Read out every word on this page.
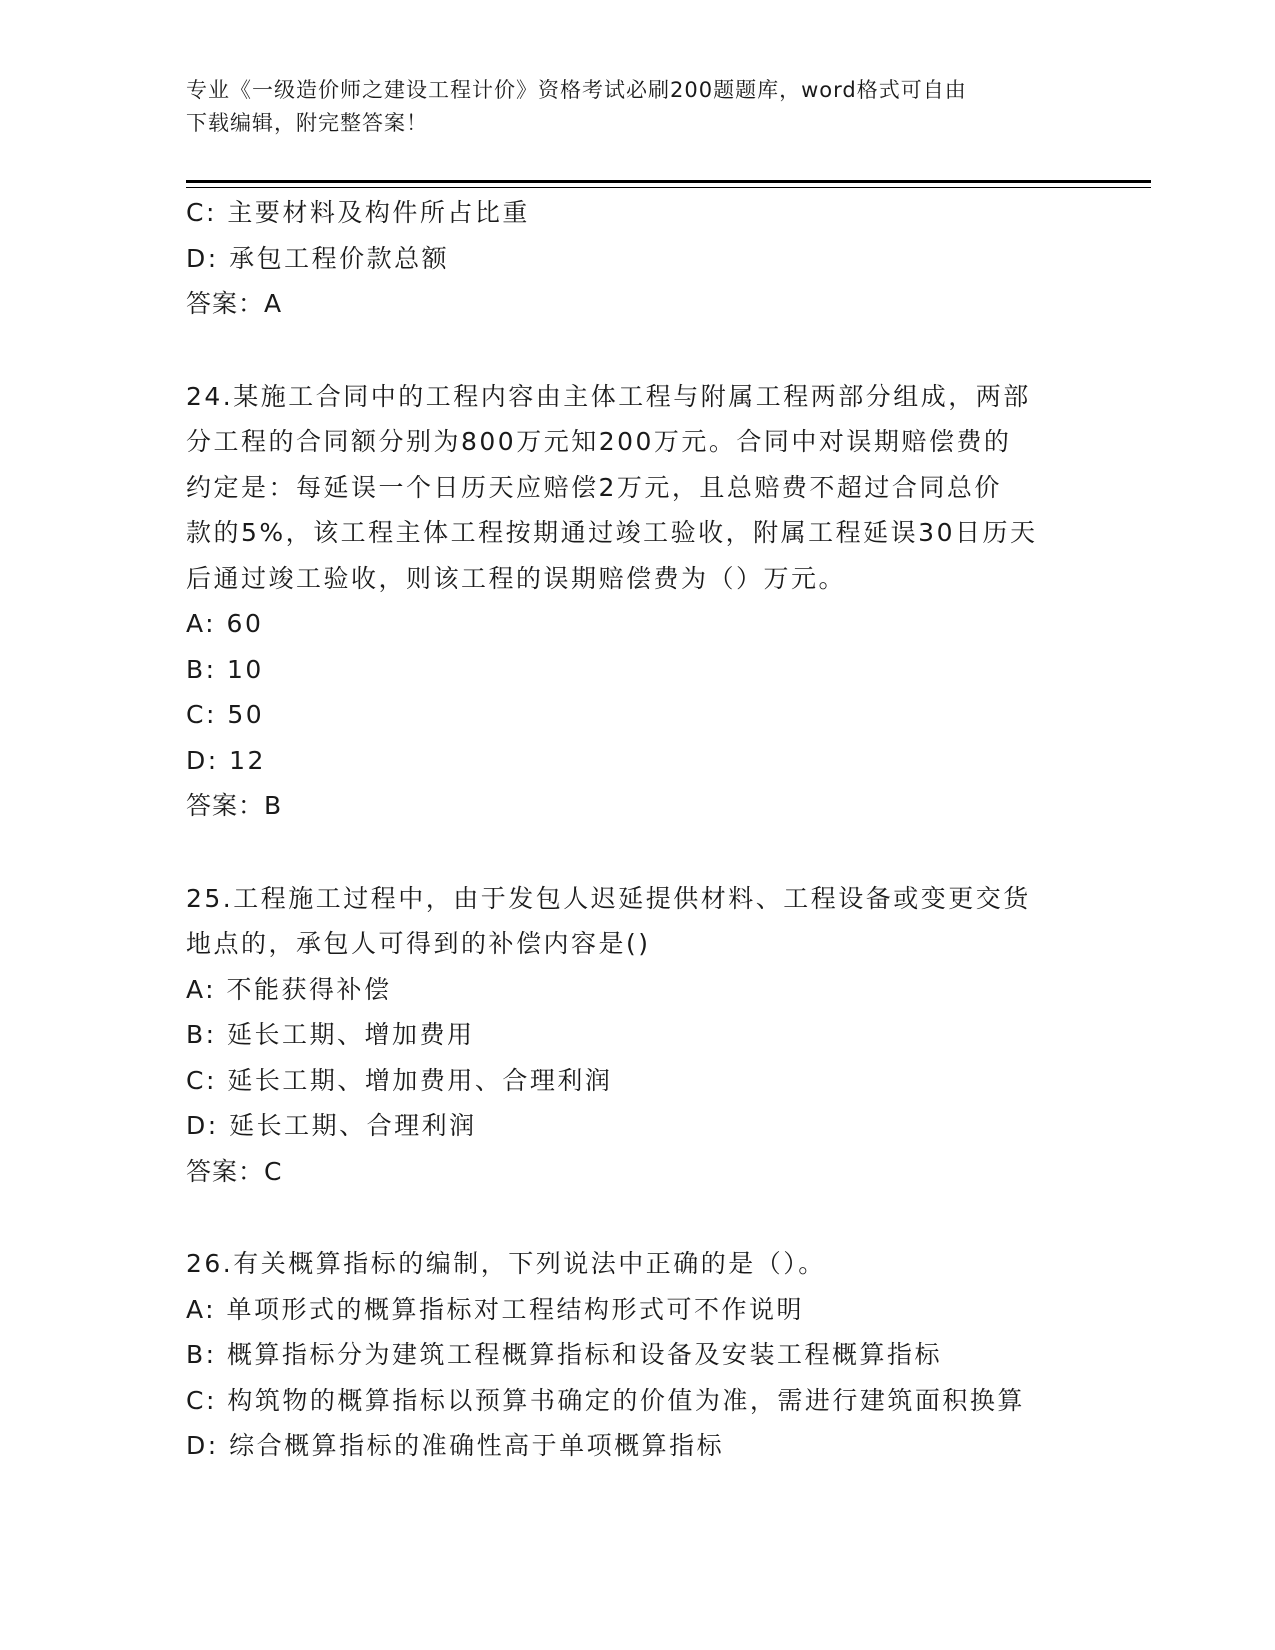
专业《一级造价师之建设工程计价》资格考试必刷200题题库，word格式可自由
下载编辑，附完整答案！
C: 主要材料及构件所占比重
D: 承包工程价款总额
答案：A
24.某施工合同中的工程内容由主体工程与附属工程两部分组成，两部
分工程的合同额分别为800万元知200万元。合同中对误期赔偿费的
约定是：每延误一个日历天应赔偿2万元，且总赔费不超过合同总价
款的5%，该工程主体工程按期通过竣工验收，附属工程延误30日历天
后通过竣工验收，则该工程的误期赔偿费为（）万元。
A: 60
B: 10
C: 50
D: 12
答案：B
25.工程施工过程中，由于发包人迟延提供材料、工程设备或变更交货
地点的，承包人可得到的补偿内容是()
A: 不能获得补偿
B: 延长工期、增加费用
C: 延长工期、增加费用、合理利润
D: 延长工期、合理利润
答案：C
26.有关概算指标的编制，下列说法中正确的是（）。
A: 单项形式的概算指标对工程结构形式可不作说明
B: 概算指标分为建筑工程概算指标和设备及安装工程概算指标
C: 构筑物的概算指标以预算书确定的价值为准，需进行建筑面积换算
D: 综合概算指标的准确性高于单项概算指标
